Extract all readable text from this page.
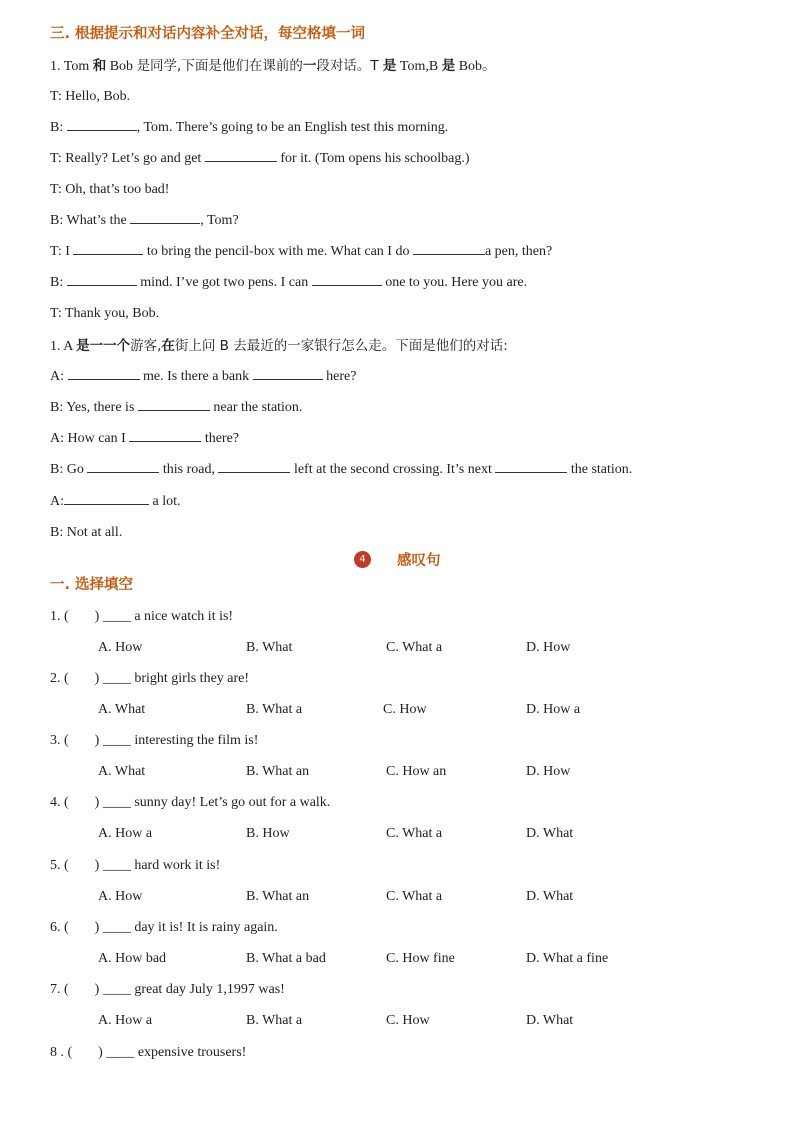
三. 根据提示和对话内容补全对话，每空格填一词
1. Tom 和 Bob 是同学,下面是他们在课前的一段对话。T 是 Tom,B 是 Bob。
T: Hello, Bob.
B:	, Tom. There’s going to be an English test this morning.
T: Really? Let’s go and get	for it. (Tom opens his schoolbag.)
T: Oh, that’s too bad!
B: What’s the	, Tom?
T: I	to bring the pencil-box with me. What can I do	a pen, then?
B:	mind. I’ve got two pens. I can	one to you. Here you are.
T: Thank you, Bob.
1. A 是一一个游客,在街上问 B 去最近的一家银行怎么走。下面是他们的对话:
A:	me. Is there a bank	here?
B: Yes, there is	near the station.
A: How can I	there?
B: Go	this road,	left at the second crossing. It’s next	the station.
A:	a lot.
B: Not at all.
4	感叹句
一. 选择填空
1. ( ) ____ a nice watch it is!
A. How	B. What	C. What a	D. How
2. ( ) ____ bright girls they are!
A. What	B. What a	C. How	D. How a
3. ( ) ____ interesting the film is!
A. What	B. What an	C. How an	D. How
4. ( ) ____ sunny day! Let’s go out for a walk.
A. How a	B. How	C. What a	D. What
5. ( ) ____ hard work it is!
A. How	B. What an	C. What a	D. What
6. ( ) ____ day it is! It is rainy again.
A. How bad	B. What a bad	C. How fine	D. What a fine
7. ( ) ____ great day July 1,1997 was!
A. How a	B. What a	C. How	D. What
8 . ( ) ____ expensive trousers!
